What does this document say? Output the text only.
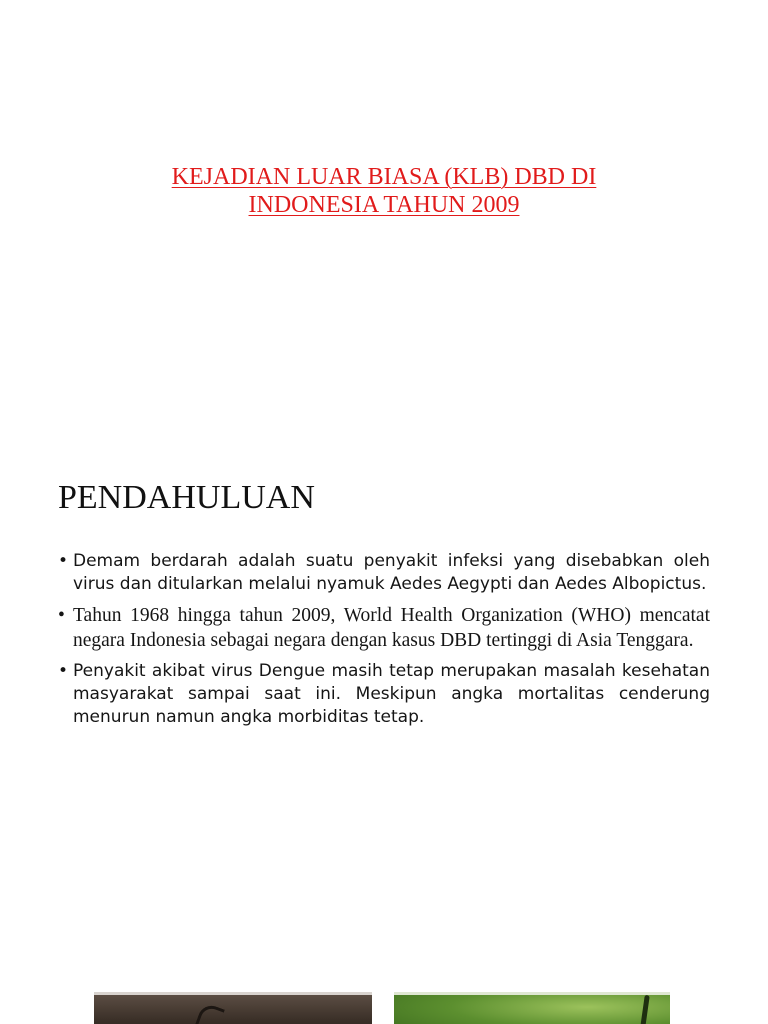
KEJADIAN LUAR BIASA (KLB) DBD DI
INDONESIA TAHUN 2009
PENDAHULUAN
• Demam berdarah adalah suatu penyakit infeksi yang disebabkan oleh virus dan ditularkan melalui nyamuk Aedes Aegypti dan Aedes Albopictus.
• Tahun 1968 hingga tahun 2009, World Health Organization (WHO) mencatat negara Indonesia sebagai negara dengan kasus DBD tertinggi di Asia Tenggara.
• Penyakit akibat virus Dengue masih tetap merupakan masalah kesehatan masyarakat sampai saat ini. Meskipun angka mortalitas cenderung menurun namun angka morbiditas tetap.
